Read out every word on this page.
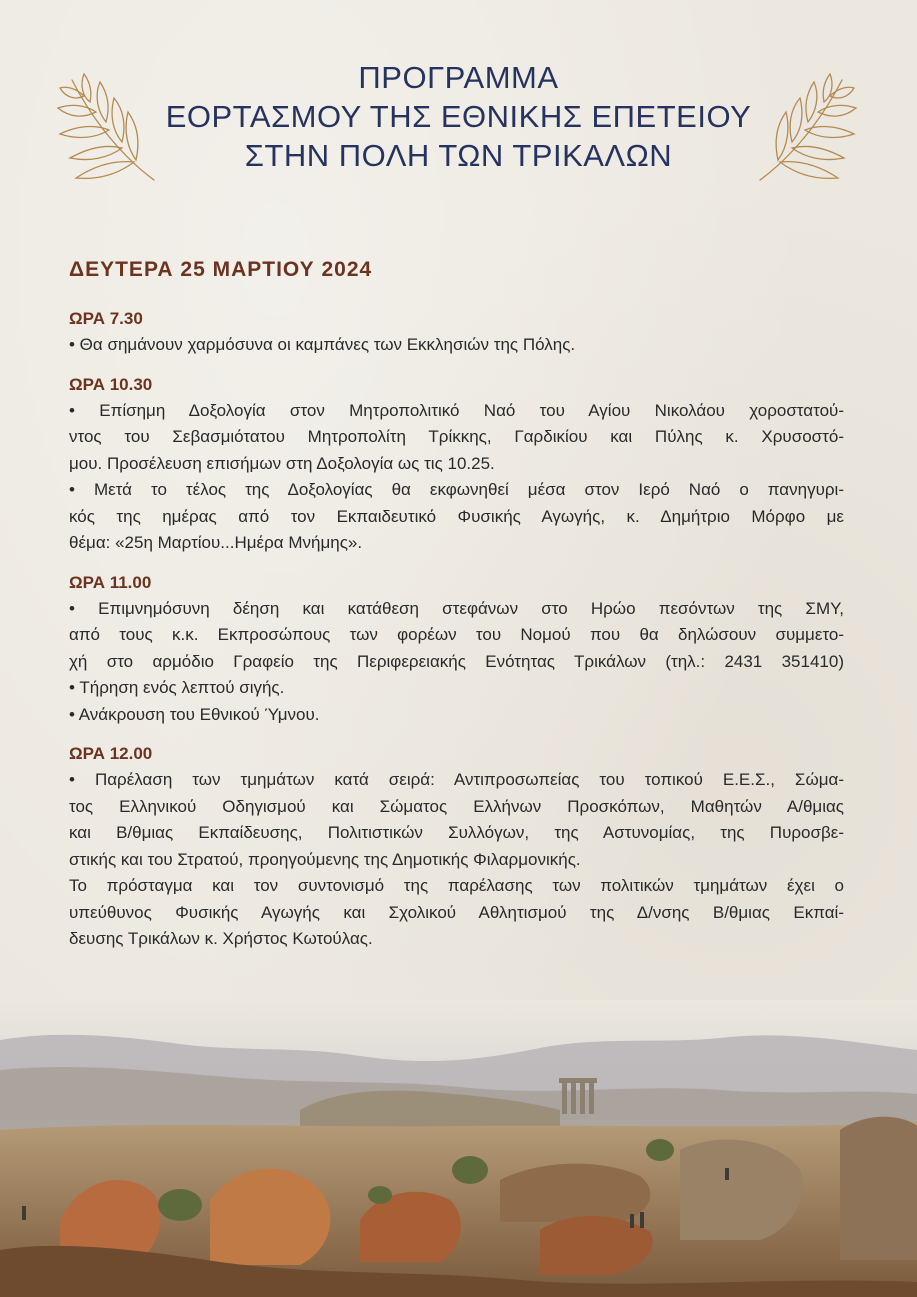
ΠΡΟΓΡΑΜΜΑ
ΕΟΡΤΑΣΜΟΥ ΤΗΣ ΕΘΝΙΚΗΣ ΕΠΕΤΕΙΟΥ
ΣΤΗΝ ΠΟΛΗ ΤΩΝ ΤΡΙΚΑΛΩΝ
ΔΕΥΤΕΡΑ 25 ΜΑΡΤΙΟΥ 2024
ΩΡΑ 7.30
• Θα σημάνουν χαρμόσυνα οι καμπάνες των Εκκλησιών της Πόλης.
ΩΡΑ 10.30
• Επίσημη Δοξολογία στον Μητροπολιτικό Ναό του Αγίου Νικολάου χοροστατού-
ντος του Σεβασμιότατου Μητροπολίτη Τρίκκης, Γαρδικίου και Πύλης κ. Χρυσοστό-
μου. Προσέλευση επισήμων στη Δοξολογία ως τις 10.25.
• Μετά το τέλος της Δοξολογίας θα εκφωνηθεί μέσα στον Ιερό Ναό ο πανηγυρι-
κός της ημέρας από τον Εκπαιδευτικό Φυσικής Αγωγής, κ. Δημήτριο Μόρφο με
θέμα: «25η Μαρτίου...Ημέρα Μνήμης».
ΩΡΑ 11.00
• Επιμνημόσυνη δέηση και κατάθεση στεφάνων στο Ηρώο πεσόντων της ΣΜΥ,
από τους κ.κ. Εκπροσώπους των φορέων του Νομού που θα δηλώσουν συμμετο-
χή στο αρμόδιο Γραφείο της Περιφερειακής Ενότητας Τρικάλων (τηλ.: 2431 351410)
• Τήρηση ενός λεπτού σιγής.
• Ανάκρουση του Εθνικού Ύμνου.
ΩΡΑ 12.00
• Παρέλαση των τμημάτων κατά σειρά: Αντιπροσωπείας του τοπικού Ε.Ε.Σ., Σώμα-
τος Ελληνικού Οδηγισμού και Σώματος Ελλήνων Προσκόπων, Μαθητών Α/θμιας
και Β/θμιας Εκπαίδευσης, Πολιτιστικών Συλλόγων, της Αστυνομίας, της Πυροσβε-
στικής και του Στρατού, προηγούμενης της Δημοτικής Φιλαρμονικής.
Το πρόσταγμα και τον συντονισμό της παρέλασης των πολιτικών τμημάτων έχει ο
υπεύθυνος Φυσικής Αγωγής και Σχολικού Αθλητισμού της Δ/νσης Β/θμιας Εκπαί-
δευσης Τρικάλων κ. Χρήστος Κωτούλας.
